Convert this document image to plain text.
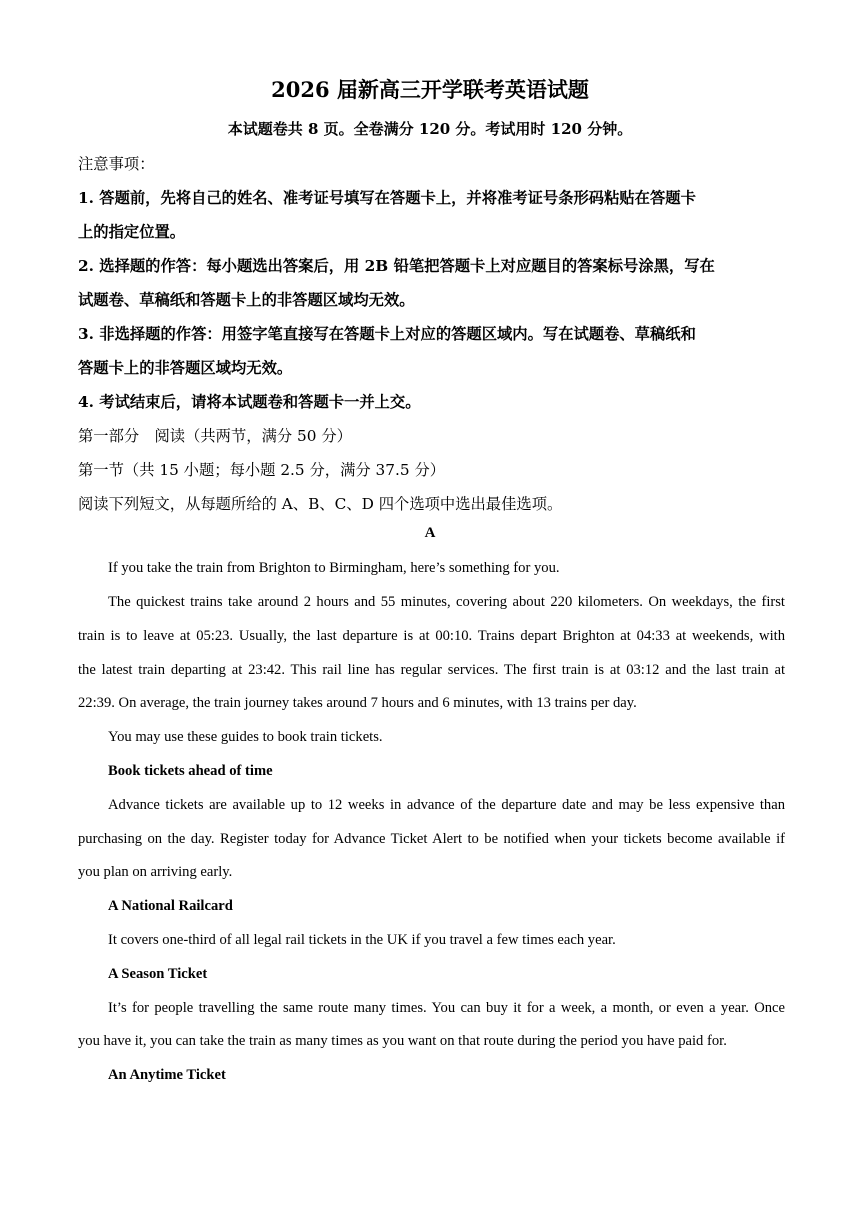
2026 届新高三开学联考英语试题
本试题卷共 8 页。全卷满分 120 分。考试用时 120 分钟。
注意事项：
1. 答题前，先将自己的姓名、准考证号填写在答题卡上，并将准考证号条形码粘贴在答题卡
上的指定位置。
2. 选择题的作答：每小题选出答案后，用 2B 铅笔把答题卡上对应题目的答案标号涂黑，写在
试题卷、草稿纸和答题卡上的非答题区域均无效。
3. 非选择题的作答：用签字笔直接写在答题卡上对应的答题区域内。写在试题卷、草稿纸和
答题卡上的非答题区域均无效。
4. 考试结束后，请将本试题卷和答题卡一并上交。
第一部分　阅读（共两节，满分 50 分）
第一节（共 15 小题；每小题 2.5 分，满分 37.5 分）
阅读下列短文，从每题所给的 A、B、C、D 四个选项中选出最佳选项。
A
If you take the train from Brighton to Birmingham, here’s something for you.
The quickest trains take around 2 hours and 55 minutes, covering about 220 kilometers. On weekdays, the first
train is to leave at 05:23. Usually, the last departure is at 00:10. Trains depart Brighton at 04:33 at weekends, with
the latest train departing at 23:42. This rail line has regular services. The first train is at 03:12 and the last train at
22:39. On average, the train journey takes around 7 hours and 6 minutes, with 13 trains per day.
You may use these guides to book train tickets.
Book tickets ahead of time
Advance tickets are available up to 12 weeks in advance of the departure date and may be less expensive than
purchasing on the day. Register today for Advance Ticket Alert to be notified when your tickets become available if
you plan on arriving early.
A National Railcard
It covers one-third of all legal rail tickets in the UK if you travel a few times each year.
A Season Ticket
It’s for people travelling the same route many times. You can buy it for a week, a month, or even a year. Once
you have it, you can take the train as many times as you want on that route during the period you have paid for.
An Anytime Ticket
